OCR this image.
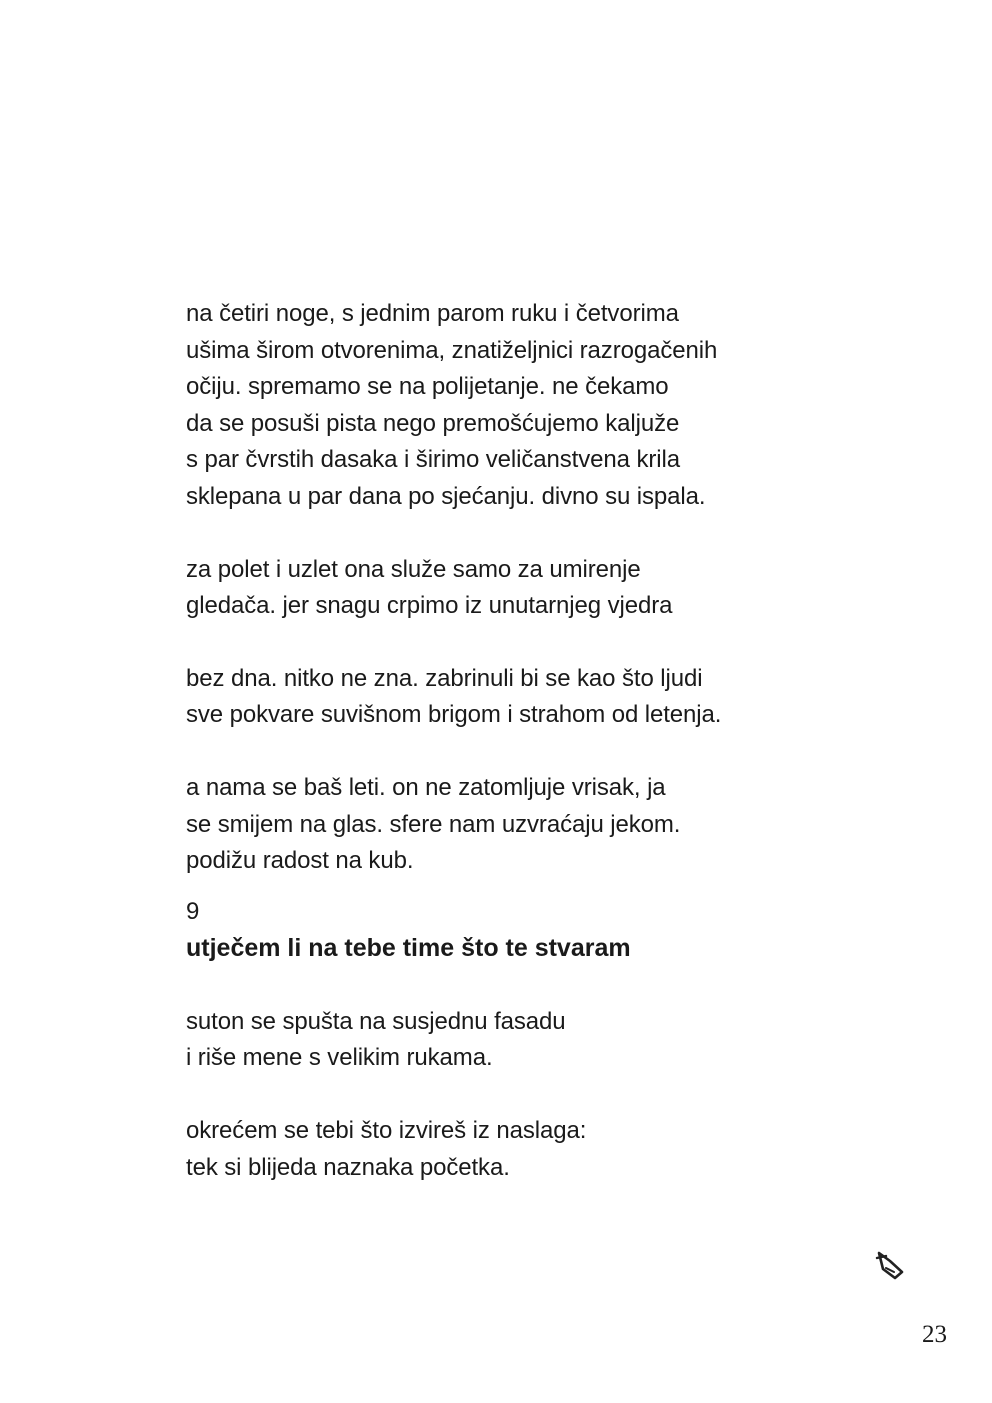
na četiri noge, s jednim parom ruku i četvorima
ušima širom otvorenima, znatiželjnici razrogačenih
očiju. spremamo se na polijetanje. ne čekamo
da se posuši pista nego premošćujemo kaljuže
s par čvrstih dasaka i širimo veličanstvena krila
sklepana u par dana po sjećanju. divno su ispala.
za polet i uzlet ona služe samo za umirenje
gledača. jer snagu crpimo iz unutarnjeg vjedra
bez dna. nitko ne zna. zabrinuli bi se kao što ljudi
sve pokvare suvišnom brigom i strahom od letenja.
a nama se baš leti. on ne zatomljuje vrisak, ja
se smijem na glas. sfere nam uzvraćaju jekom.
podižu radost na kub.
9
utječem li na tebe time što te stvaram
suton se spušta na susjednu fasadu
i riše mene s velikim rukama.
okrećem se tebi što izvireš iz naslaga:
tek si blijeda naznaka početka.
23
